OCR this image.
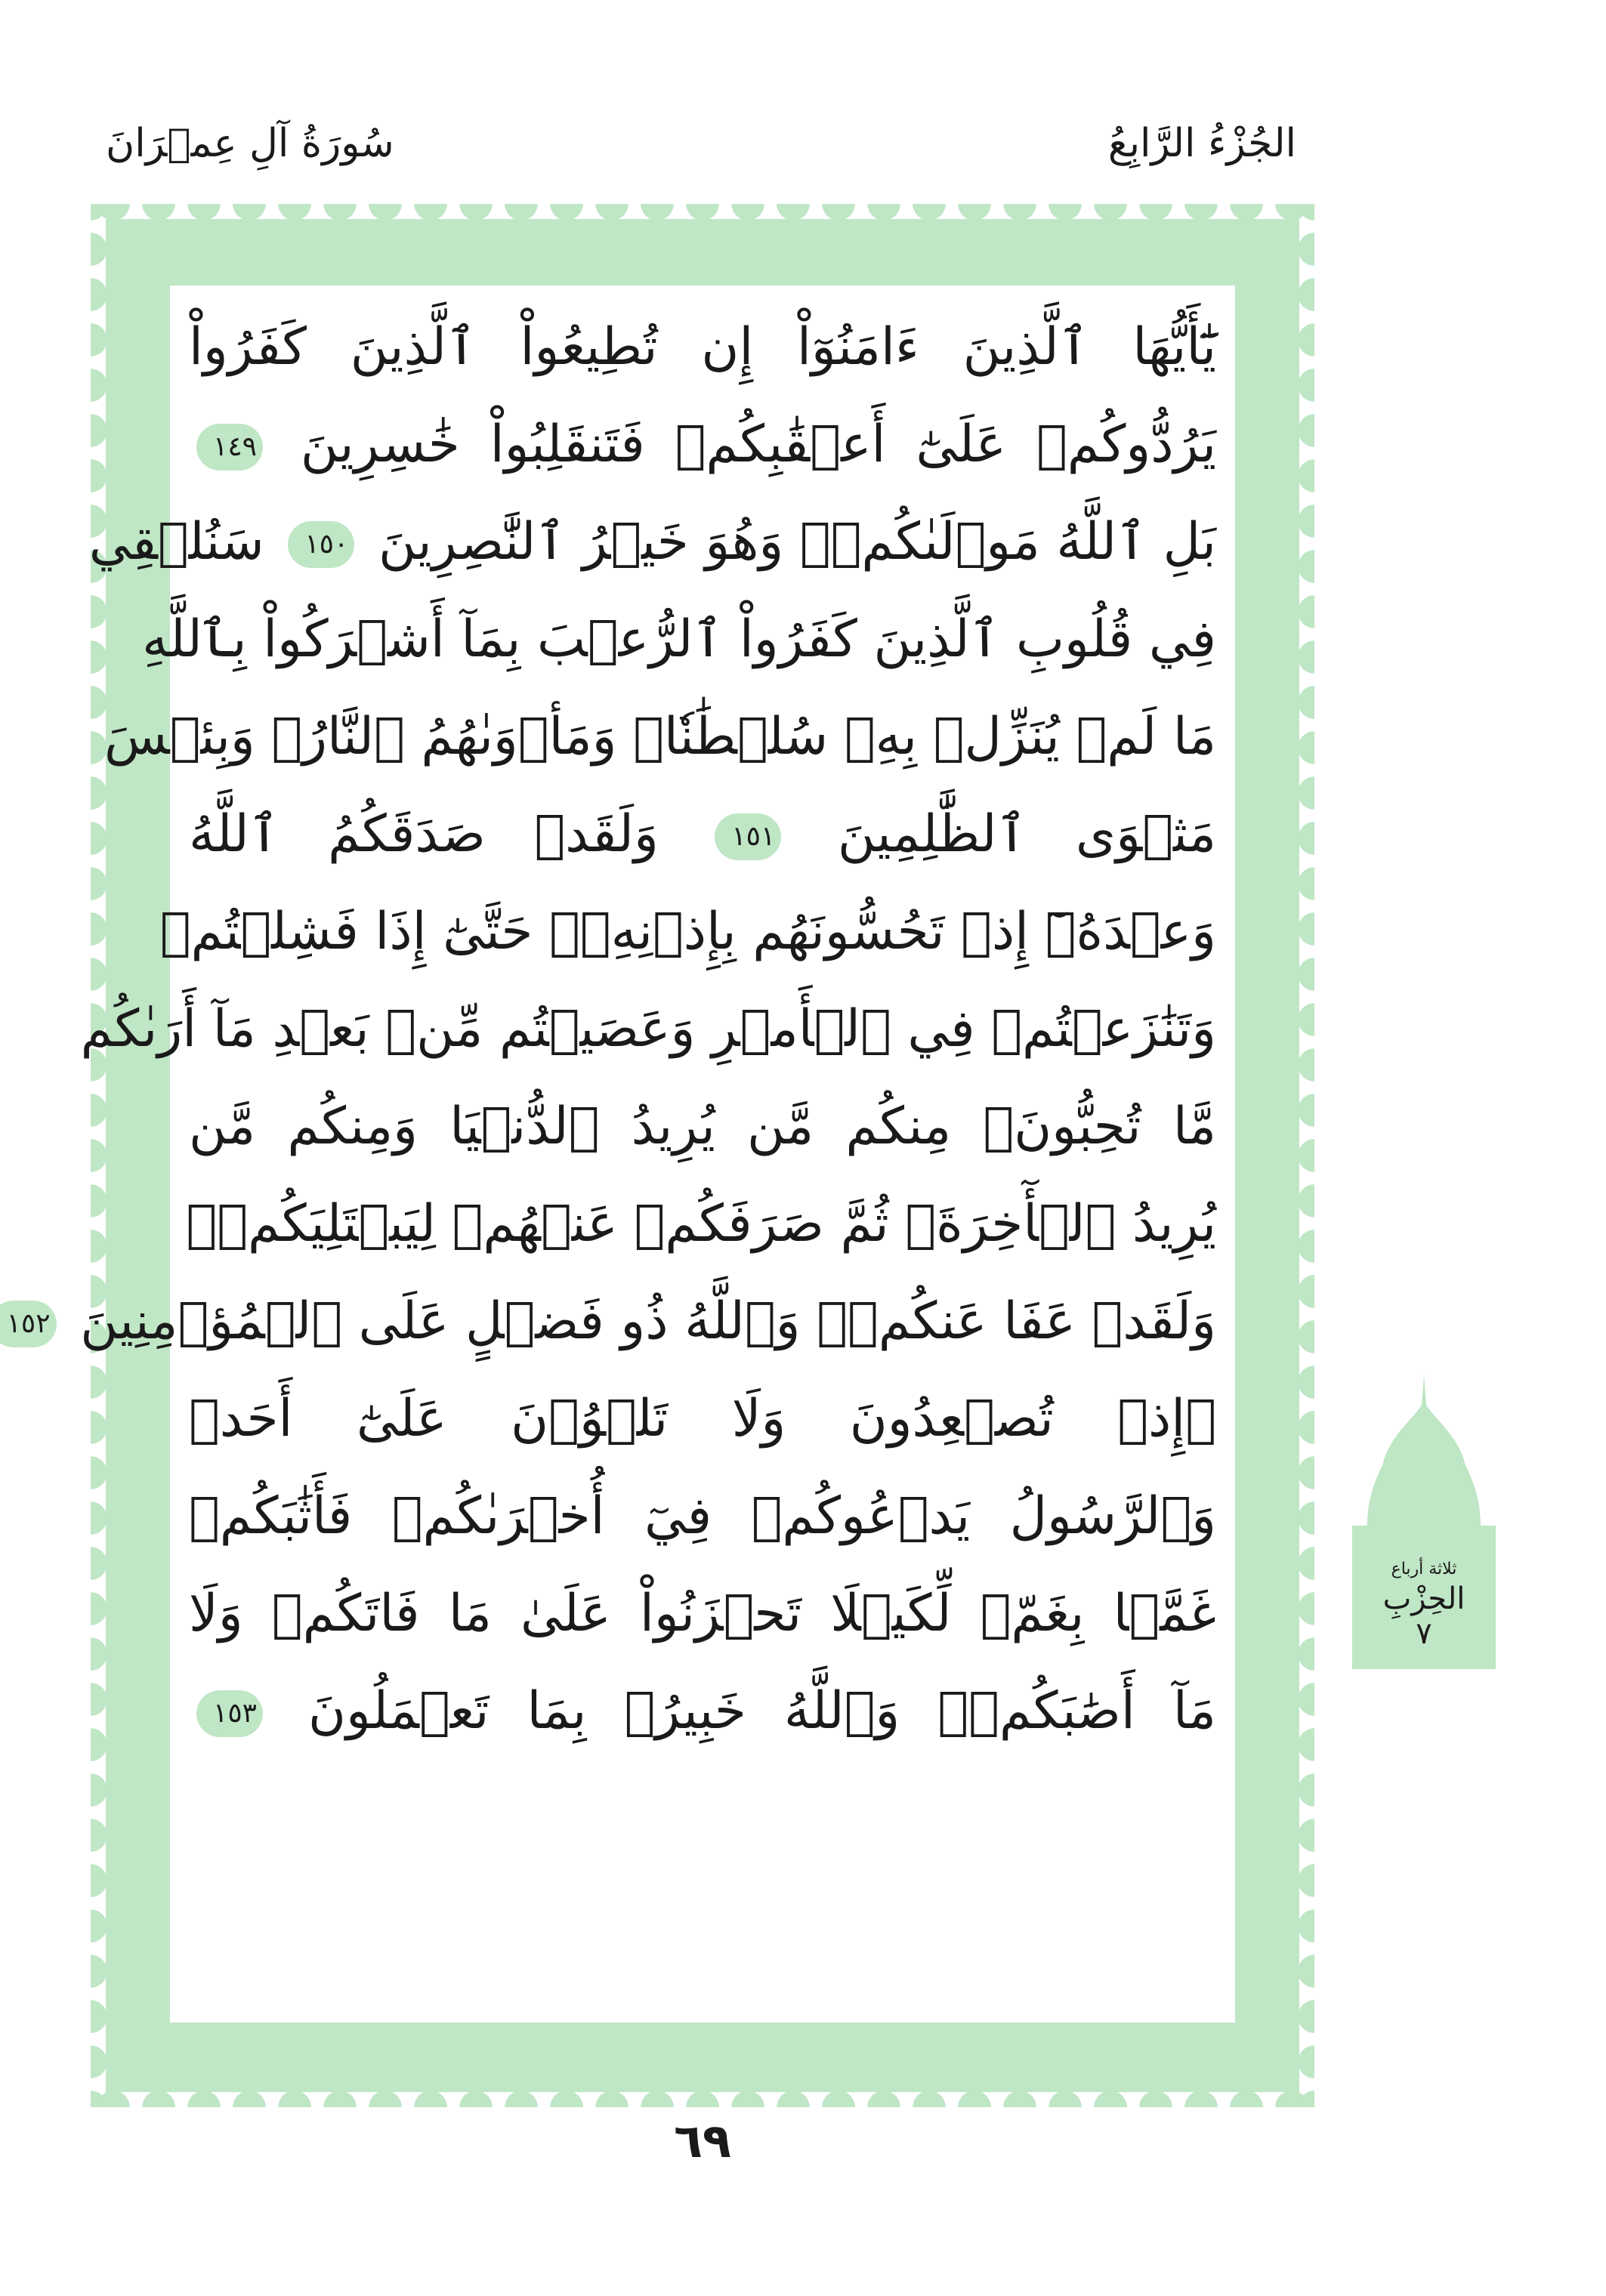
الجُزْءُ الرَّابِعُ
سُورَةُ آلِ عِمۡرَانَ
يَٰٓأَيُّهَا ٱلَّذِينَ ءَامَنُوٓاْ إِن تُطِيعُواْ ٱلَّذِينَ كَفَرُواْ
يَرُدُّوكُمۡ عَلَىٰٓ أَعۡقَٰبِكُمۡ فَتَنقَلِبُواْ خَٰسِرِينَ ١٤٩
بَلِ ٱللَّهُ مَوۡلَىٰكُمۡۖ وَهُوَ خَيۡرُ ٱلنَّٰصِرِينَ ١٥٠ سَنُلۡقِي
فِي قُلُوبِ ٱلَّذِينَ كَفَرُواْ ٱلرُّعۡبَ بِمَآ أَشۡرَكُواْ بِٱللَّهِ
مَا لَمۡ يُنَزِّلۡ بِهِۦ سُلۡطَٰنٗاۖ وَمَأۡوَىٰهُمُ ٱلنَّارُۖ وَبِئۡسَ
مَثۡوَى ٱلظَّٰلِمِينَ ١٥١ وَلَقَدۡ صَدَقَكُمُ ٱللَّهُ
وَعۡدَهُۥٓ إِذۡ تَحُسُّونَهُم بِإِذۡنِهِۦۖ حَتَّىٰٓ إِذَا فَشِلۡتُمۡ
وَتَنَٰزَعۡتُمۡ فِي ٱلۡأَمۡرِ وَعَصَيۡتُم مِّنۢ بَعۡدِ مَآ أَرَىٰكُم
مَّا تُحِبُّونَۚ مِنكُم مَّن يُرِيدُ ٱلدُّنۡيَا وَمِنكُم مَّن
يُرِيدُ ٱلۡأٓخِرَةَۚ ثُمَّ صَرَفَكُمۡ عَنۡهُمۡ لِيَبۡتَلِيَكُمۡۖ
وَلَقَدۡ عَفَا عَنكُمۡۗ وَٱللَّهُ ذُو فَضۡلٍ عَلَى ٱلۡمُؤۡمِنِينَ ١٥٢
۞إِذۡ تُصۡعِدُونَ وَلَا تَلۡوُۥنَ عَلَىٰٓ أَحَدٖ
وَٱلرَّسُولُ يَدۡعُوكُمۡ فِيٓ أُخۡرَىٰكُمۡ فَأَثَٰبَكُمۡ
غَمَّۢا بِغَمّٖ لِّكَيۡلَا تَحۡزَنُواْ عَلَىٰ مَا فَاتَكُمۡ وَلَا
مَآ أَصَٰبَكُمۡۗ وَٱللَّهُ خَبِيرُۢ بِمَا تَعۡمَلُونَ ١٥٣
ثلاثة أرباع
الحِزْبِ
٧
٦٩
